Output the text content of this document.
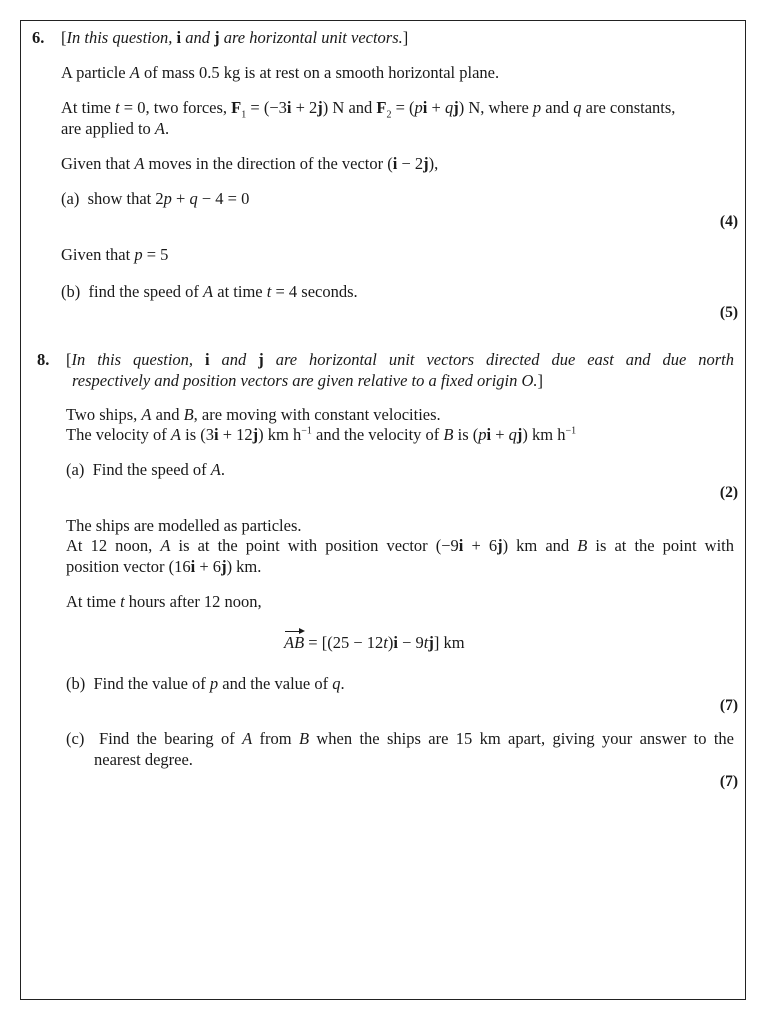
6. [In this question, i and j are horizontal unit vectors.]
A particle A of mass 0.5 kg is at rest on a smooth horizontal plane.
At time t = 0, two forces, $F_1 = (-3i + 2j)$ N and $F_2 = (pi + qj)$ N, where p and q are constants,
are applied to A.
Given that A moves in the direction of the vector (i − 2j),
(a)  show that 2p + q − 4 = 0
(4)
Given that p = 5
(b)  find the speed of A at time t = 4 seconds.
(5)
8. [In this question, i and j are horizontal unit vectors directed due east and due north
respectively and position vectors are given relative to a fixed origin O.]
Two ships, A and B, are moving with constant velocities.
The velocity of A is (3i + 12j) km $h^{-1}$ and the velocity of B is (pi + qj) km $h^{-1}$
(a)  Find the speed of A.
(2)
The ships are modelled as particles.
At 12 noon, A is at the point with position vector (−9i + 6j) km and B is at the point with
position vector (16i + 6j) km.
At time t hours after 12 noon,
AB = [(25 − 12t)i − 9tj] km
(b)  Find the value of p and the value of q.
(7)
(c)  Find the bearing of A from B when the ships are 15 km apart, giving your answer to the
nearest degree.
(7)
